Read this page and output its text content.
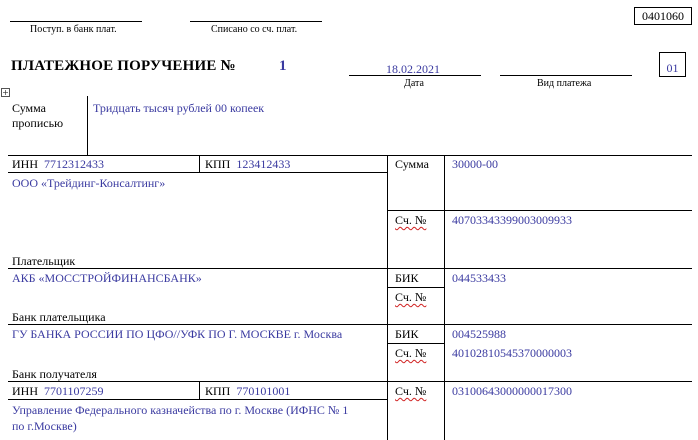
0401060
Поступ. в банк плат.	Списано со сч. плат.
ПЛАТЕЖНОЕ ПОРУЧЕНИЕ №	1	18.02.2021
Дата	Вид платежа
01
+
Сумма прописью
Тридцать тысяч рублей 00 копеек
ИНН 7712312433	КПП 123412433
ООО «Трейдинг-Консалтинг»
Плательщик
Сумма 30000-00
Сч. № 40703343399003009933
АКБ «МОССТРОЙФИНАНСБАНК»
Банк плательщика
БИК	044533433
Сч. №
ГУ БАНКА РОССИИ ПО ЦФО//УФК ПО Г. МОСКВЕ г. Москва
Банк получателя
БИК	004525988
Сч. № 40102810545370000003
ИНН 7701107259	КПП 770101001	Сч. № 03100643000000017300
Управление Федерального казначейства по г. Москве (ИФНС № 1
по г.Москве)
